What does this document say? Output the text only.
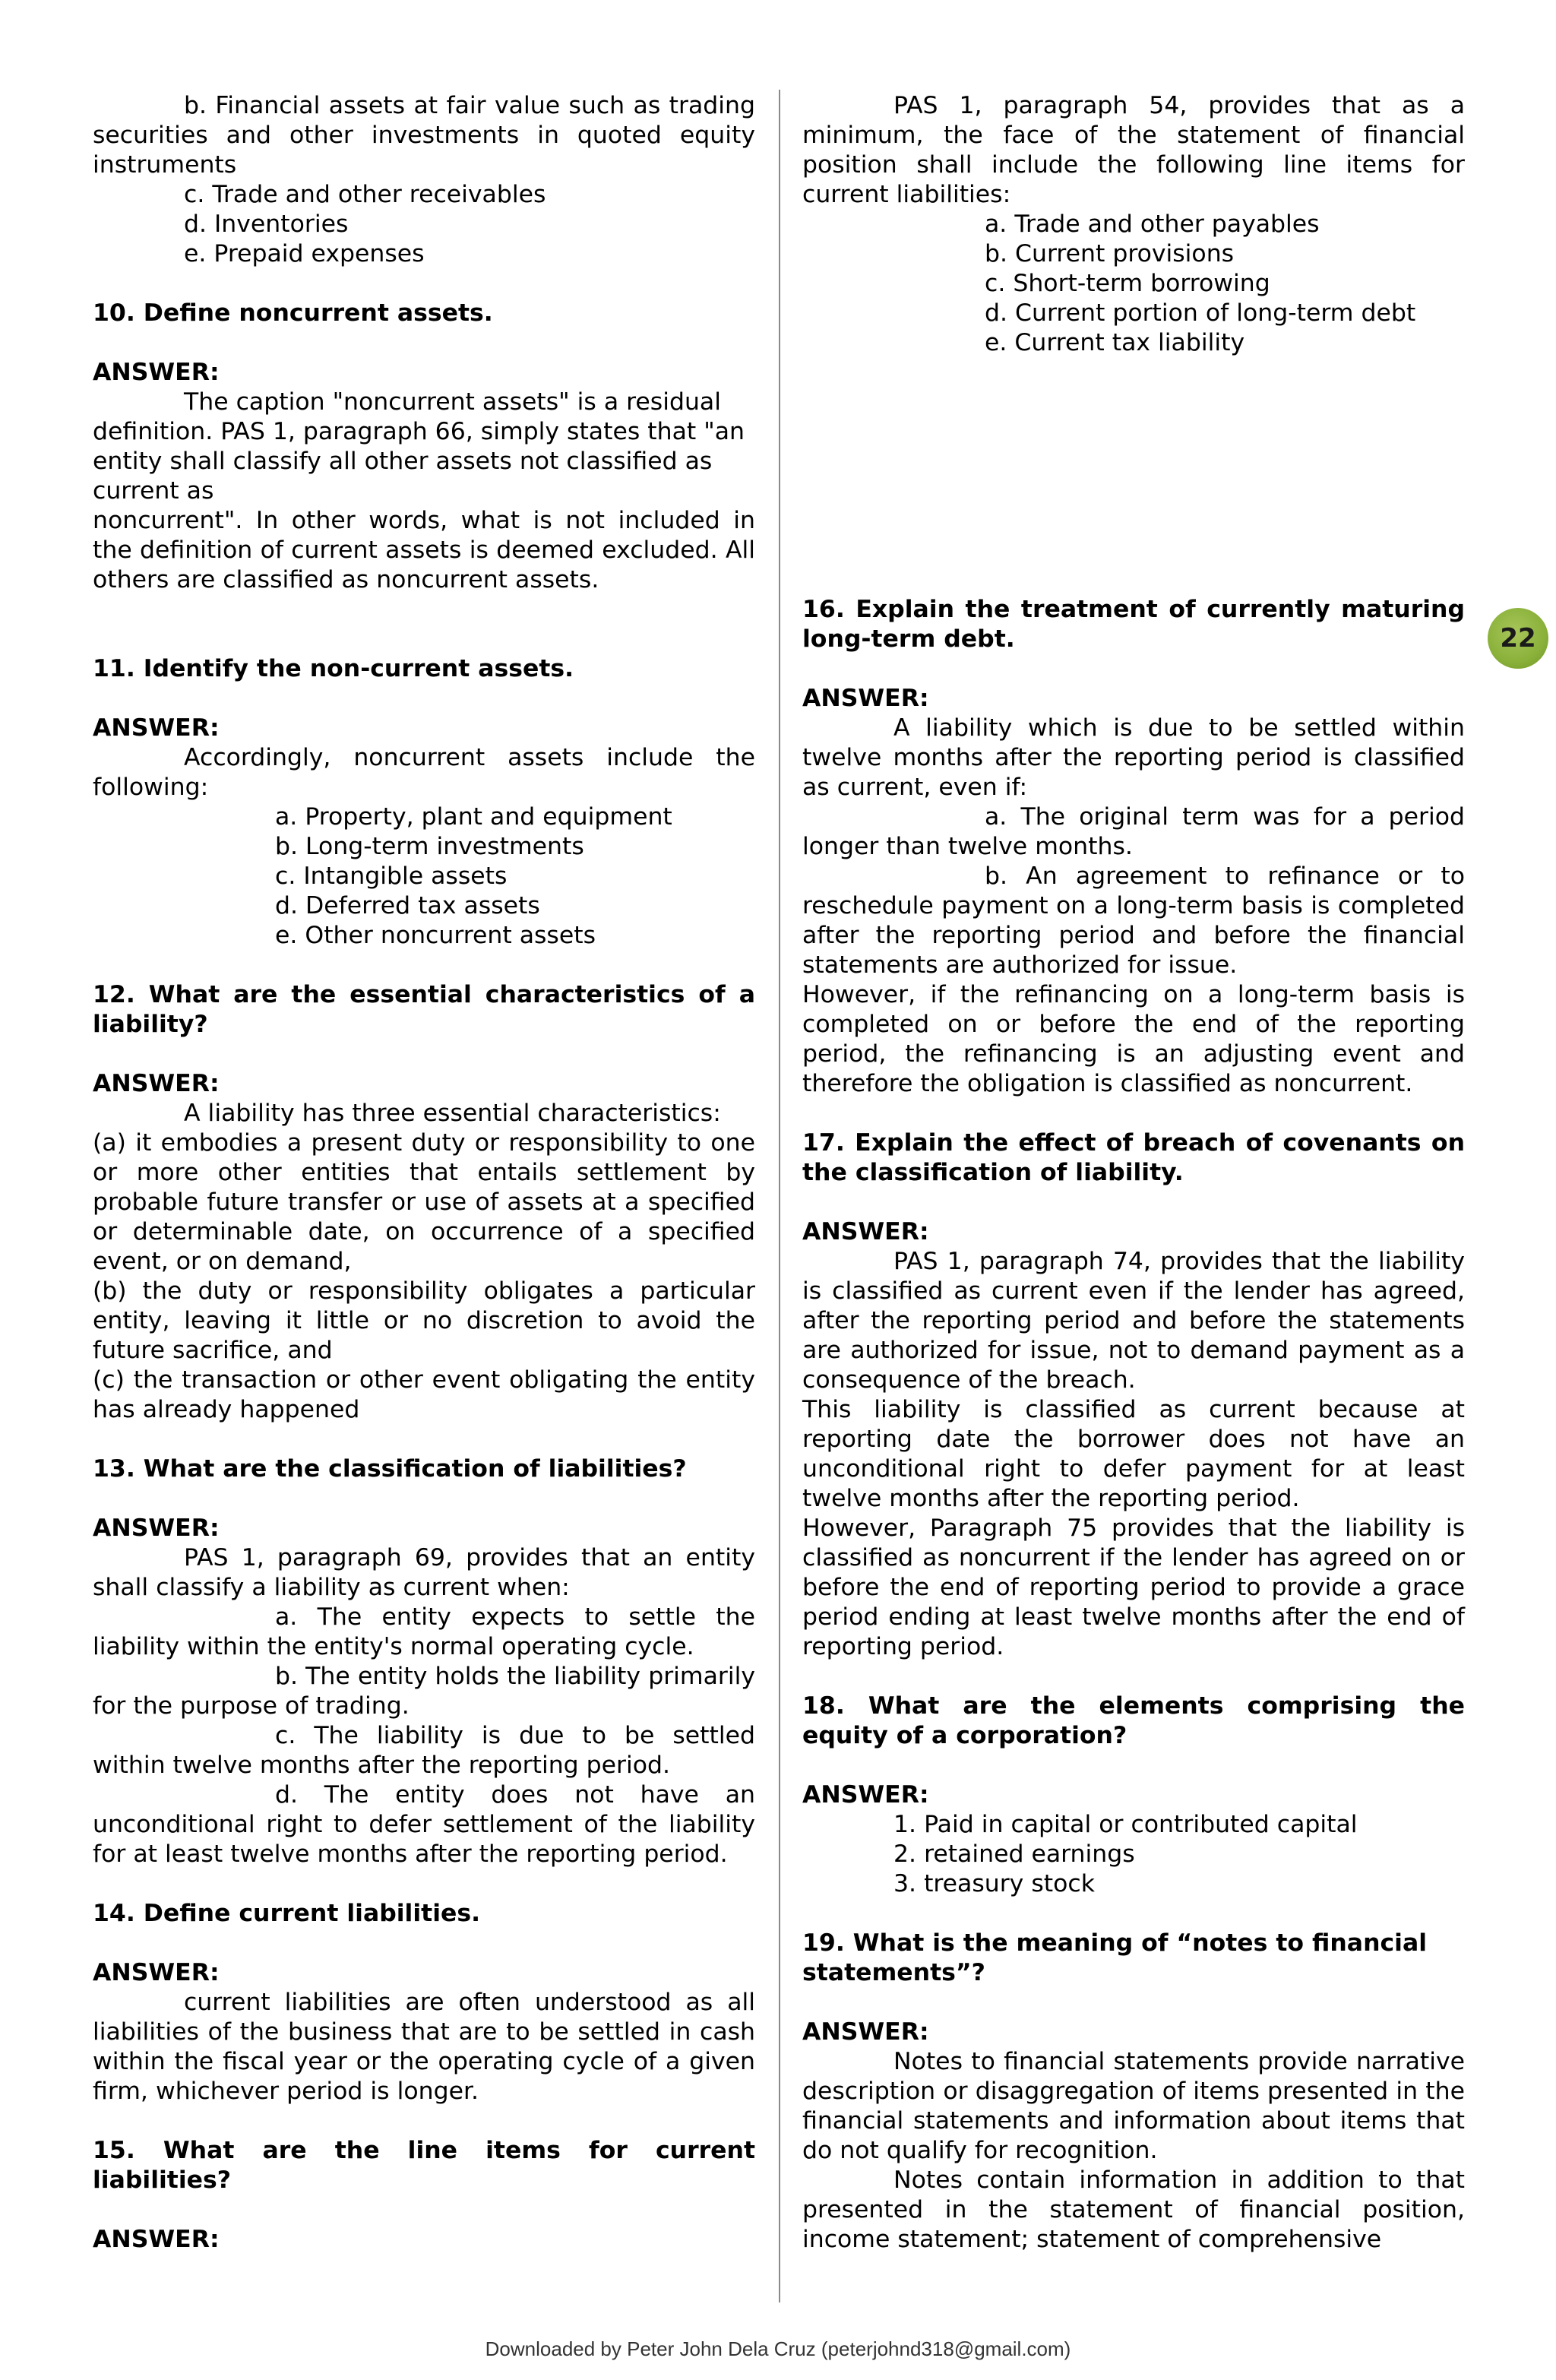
b. Financial assets at fair value such as trading securities and other investments in quoted equity instruments

c. Trade and other receivables

d. Inventories

e. Prepaid expenses

10. Define noncurrent assets.

ANSWER:

The caption "noncurrent assets" is a residual definition. PAS 1, paragraph 66, simply states that "an entity shall classify all other assets not classified as current as

noncurrent". In other words, what is not included in the definition of current assets is deemed excluded. All others are classified as noncurrent assets.

11. Identify the non-current assets.

ANSWER:

Accordingly, noncurrent assets include the following:

a. Property, plant and equipment

b. Long-term investments

c. Intangible assets

d. Deferred tax assets

e. Other noncurrent assets

12. What are the essential characteristics of a liability?

ANSWER:

A liability has three essential characteristics:

(a) it embodies a present duty or responsibility to one or more other entities that entails settlement by probable future transfer or use of assets at a specified or determinable date, on occurrence of a specified event, or on demand,

(b) the duty or responsibility obligates a particular entity, leaving it little or no discretion to avoid the future sacrifice, and

(c) the transaction or other event obligating the entity has already happened

13. What are the classification of liabilities?

ANSWER:

PAS 1, paragraph 69, provides that an entity shall classify a liability as current when:

a. The entity expects to settle the liability within the entity's normal operating cycle.

b. The entity holds the liability primarily for the purpose of trading.

c. The liability is due to be settled within twelve months after the reporting period.

d. The entity does not have an unconditional right to defer settlement of the liability for at least twelve months after the reporting period.

14. Define current liabilities.

ANSWER:

current liabilities are often understood as all liabilities of the business that are to be settled in cash within the fiscal year or the operating cycle of a given firm, whichever period is longer.

15. What are the line items for current liabilities?

ANSWER:

PAS 1, paragraph 54, provides that as a minimum, the face of the statement of financial position shall include the following line items for current liabilities:

a. Trade and other payables

b. Current provisions

c. Short-term borrowing

d. Current portion of long-term debt

e. Current tax liability

16. Explain the treatment of currently maturing long-term debt.

ANSWER:

A liability which is due to be settled within twelve months after the reporting period is classified as current, even if:

a. The original term was for a period longer than twelve months.

b. An agreement to refinance or to reschedule payment on a long-term basis is completed after the reporting period and before the financial statements are authorized for issue.

However, if the refinancing on a long-term basis is completed on or before the end of the reporting period, the refinancing is an adjusting event and therefore the obligation is classified as noncurrent.

17. Explain the effect of breach of covenants on the classification of liability.

ANSWER:

PAS 1, paragraph 74, provides that the liability is classified as current even if the lender has agreed, after the reporting period and before the statements are authorized for issue, not to demand payment as a consequence of the breach.

This liability is classified as current because at reporting date the borrower does not have an unconditional right to defer payment for at least twelve months after the reporting period.

However, Paragraph 75 provides that the liability is classified as noncurrent if the lender has agreed on or before the end of reporting period to provide a grace period ending at least twelve months after the end of reporting period.

18. What are the elements comprising the equity of a corporation?

ANSWER:

1. Paid in capital or contributed capital

2. retained earnings

3. treasury stock

19. What is the meaning of “notes to financial statements”?

ANSWER:

Notes to financial statements provide narrative description or disaggregation of items presented in the financial statements and information about items that do not qualify for recognition.

Notes contain information in addition to that presented in the statement of financial position, income statement; statement of comprehensive

22
Downloaded by Peter John Dela Cruz (peterjohnd318@gmail.com)
